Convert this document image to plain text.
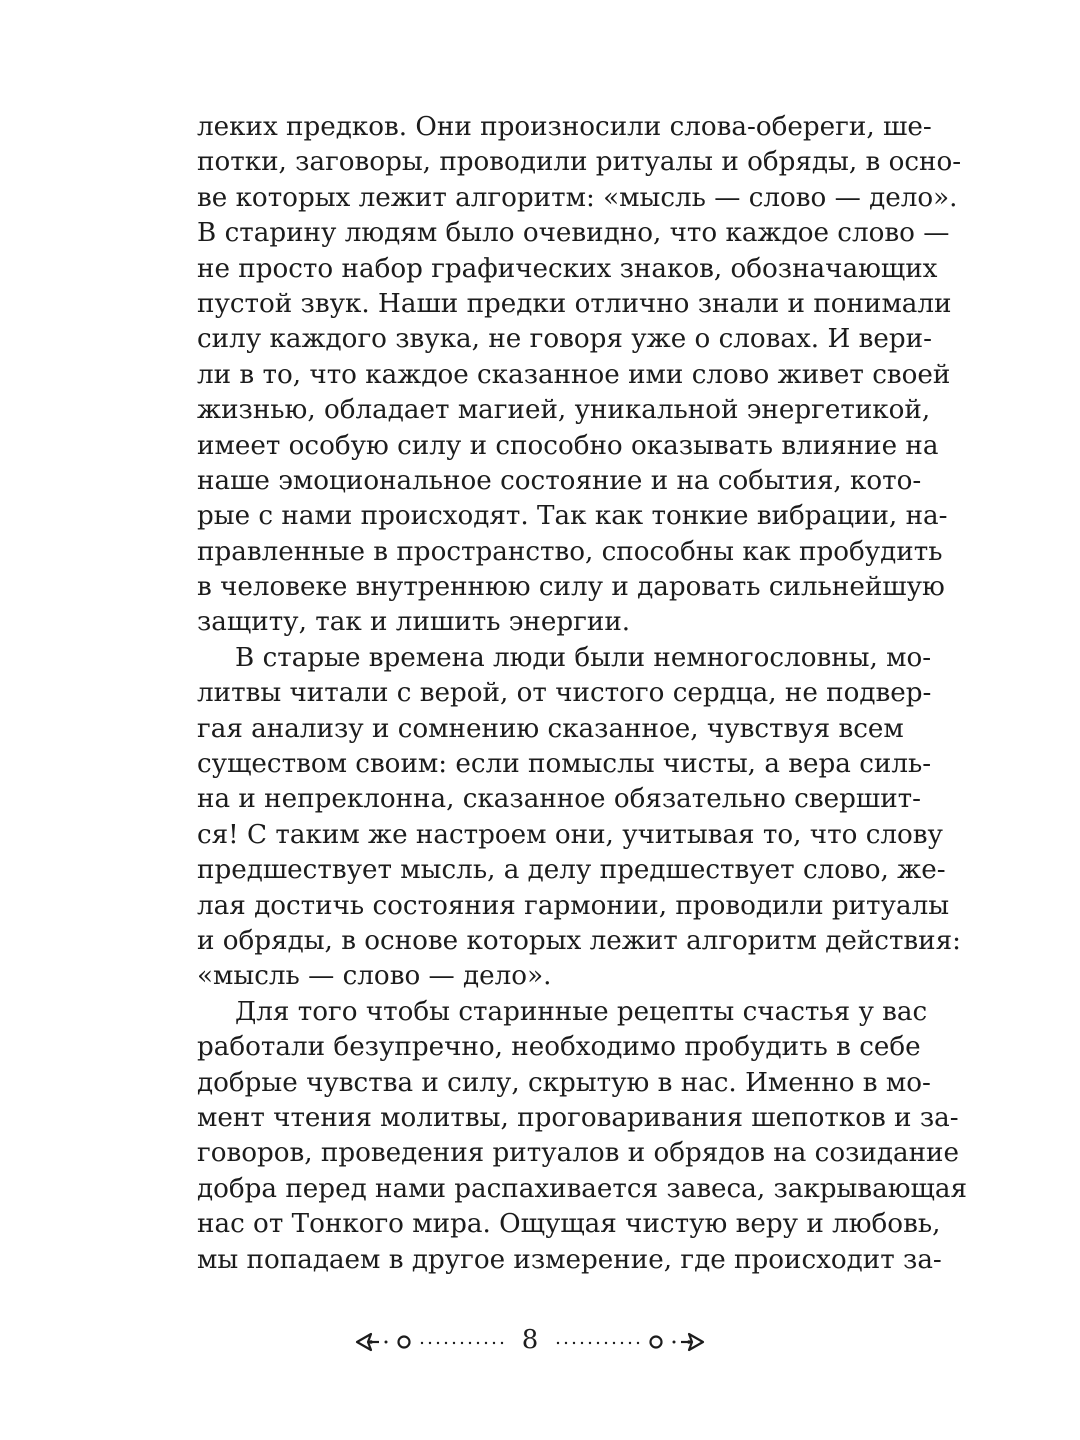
леких предков. Они произносили слова-обереги, ше-
потки, заговоры, проводили ритуалы и обряды, в осно-
ве которых лежит алгоритм: «мысль — слово — дело».
В старину людям было очевидно, что каждое слово —
не просто набор графических знаков, обозначающих
пустой звук. Наши предки отлично знали и понимали
силу каждого звука, не говоря уже о словах. И вери-
ли в то, что каждое сказанное ими слово живет своей
жизнью, обладает магией, уникальной энергетикой,
имеет особую силу и способно оказывать влияние на
наше эмоциональное состояние и на события, кото-
рые с нами происходят. Так как тонкие вибрации, на-
правленные в пространство, способны как пробудить
в человеке внутреннюю силу и даровать сильнейшую
защиту, так и лишить энергии.
В старые времена люди были немногословны, мо-
литвы читали с верой, от чистого сердца, не подвер-
гая анализу и сомнению сказанное, чувствуя всем
существом своим: если помыслы чисты, а вера силь-
на и непреклонна, сказанное обязательно свершит-
ся! С таким же настроем они, учитывая то, что слову
предшествует мысль, а делу предшествует слово, же-
лая достичь состояния гармонии, проводили ритуалы
и обряды, в основе которых лежит алгоритм действия:
«мысль — слово — дело».
Для того чтобы старинные рецепты счастья у вас
работали безупречно, необходимо пробудить в себе
добрые чувства и силу, скрытую в нас. Именно в мо-
мент чтения молитвы, проговаривания шепотков и за-
говоров, проведения ритуалов и обрядов на созидание
добра перед нами распахивается завеса, закрывающая
нас от Тонкого мира. Ощущая чистую веру и любовь,
мы попадаем в другое измерение, где происходит за-
8
